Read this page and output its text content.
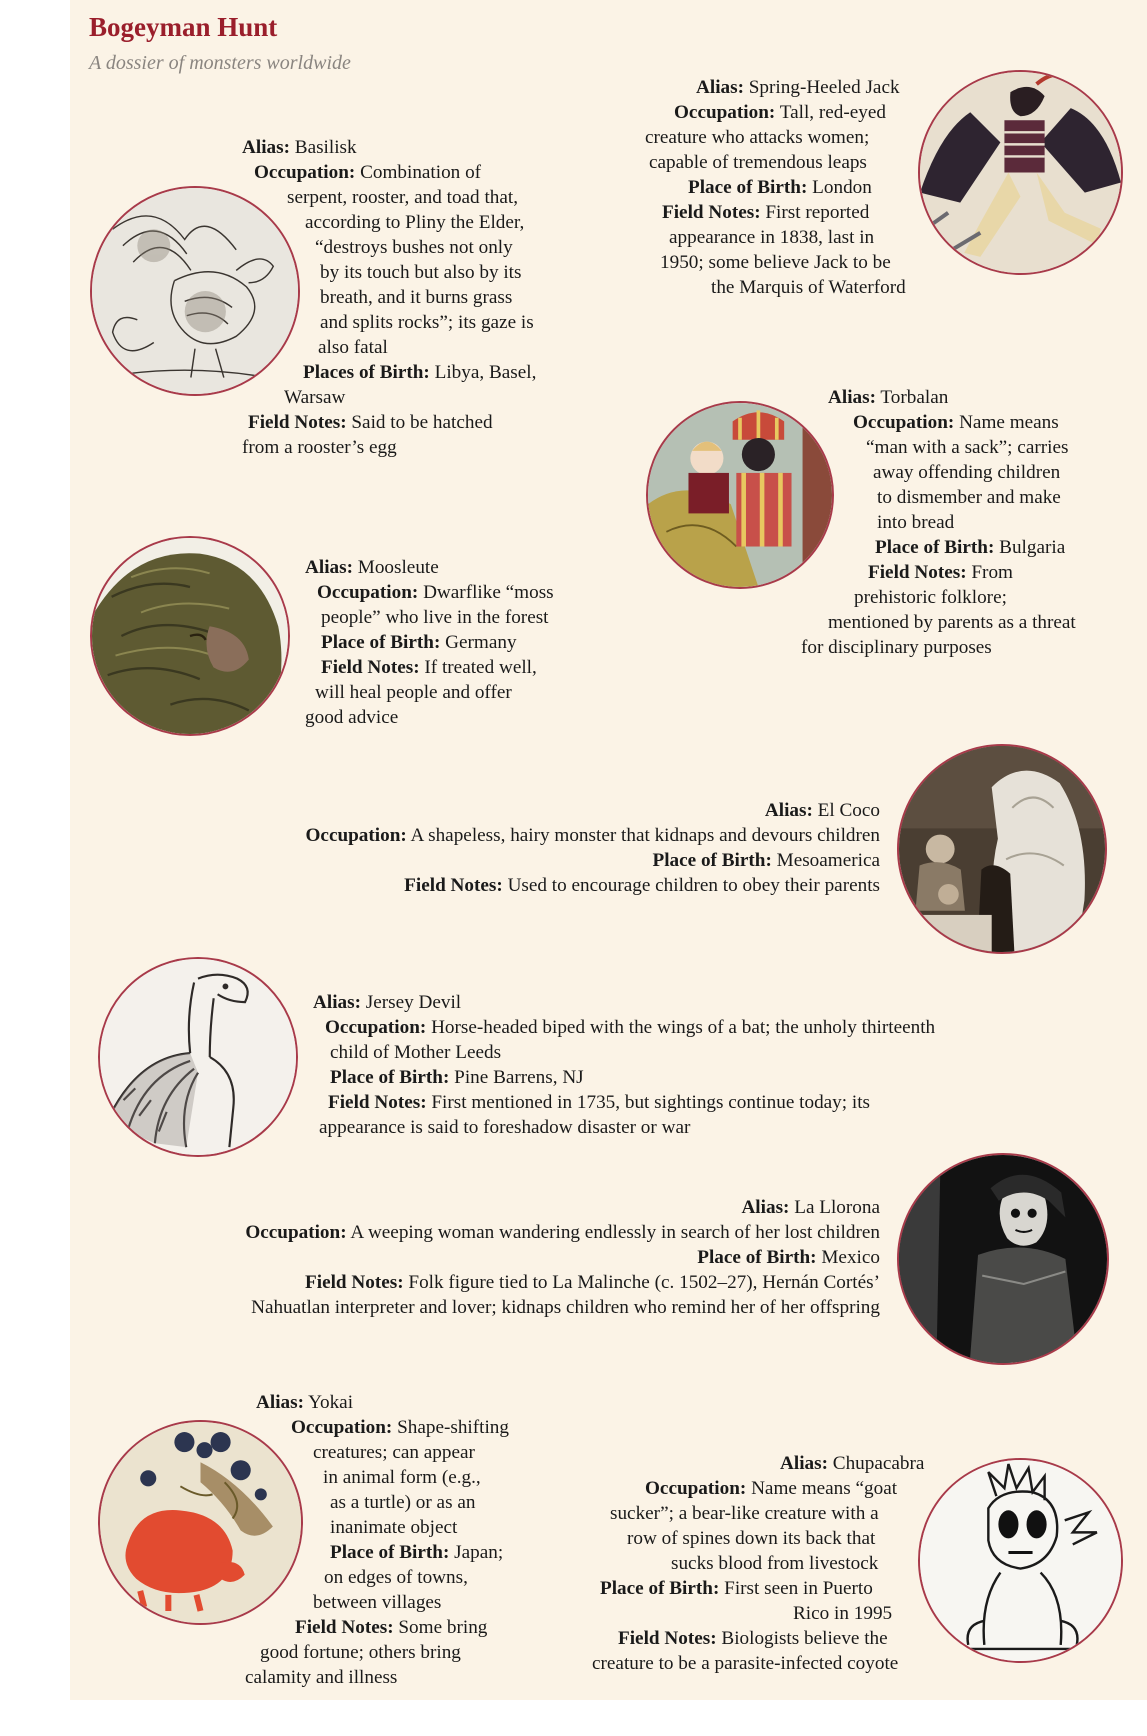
Bogeyman Hunt
A dossier of monsters worldwide

Alias: Basilisk

Occupation: Combination of

serpent, rooster, and toad that,

according to Pliny the Elder,

“destroys bushes not only

by its touch but also by its

breath, and it burns grass

and splits rocks”; its gaze is

also fatal

Places of Birth: Libya, Basel,

Warsaw

Field Notes: Said to be hatched

from a rooster’s egg

Alias: Spring-Heeled Jack

Occupation: Tall, red-eyed

creature who attacks women;

capable of tremendous leaps

Place of Birth: London

Field Notes: First reported

appearance in 1838, last in

1950; some believe Jack to be

the Marquis of Waterford

Alias: Torbalan

Occupation: Name means

“man with a sack”; carries

away offending children

to dismember and make

into bread

Place of Birth: Bulgaria

Field Notes: From

prehistoric folklore;

mentioned by parents as a threat

for disciplinary purposes

Alias: Moosleute

Occupation: Dwarflike “moss

people” who live in the forest

Place of Birth: Germany

Field Notes: If treated well,

will heal people and offer

good advice

Alias: El Coco

Occupation: A shapeless, hairy monster that kidnaps and devours children

Place of Birth: Mesoamerica

Field Notes: Used to encourage children to obey their parents

Alias: Jersey Devil

Occupation: Horse-headed biped with the wings of a bat; the unholy thirteenth

child of Mother Leeds

Place of Birth: Pine Barrens, NJ

Field Notes: First mentioned in 1735, but sightings continue today; its

appearance is said to foreshadow disaster or war

Alias: La Llorona

Occupation: A weeping woman wandering endlessly in search of her lost children

Place of Birth: Mexico

Field Notes: Folk figure tied to La Malinche (c. 1502–27), Hernán Cortés’

Nahuatlan interpreter and lover; kidnaps children who remind her of her offspring

Alias: Yokai

Occupation: Shape-shifting

creatures; can appear

in animal form (e.g.,

as a turtle) or as an

inanimate object

Place of Birth: Japan;

on edges of towns,

between villages

Field Notes: Some bring

good fortune; others bring

calamity and illness

Alias: Chupacabra

Occupation: Name means “goat

sucker”; a bear-like creature with a

row of spines down its back that

sucks blood from livestock

Place of Birth: First seen in Puerto

Rico in 1995

Field Notes: Biologists believe the

creature to be a parasite-infected coyote
